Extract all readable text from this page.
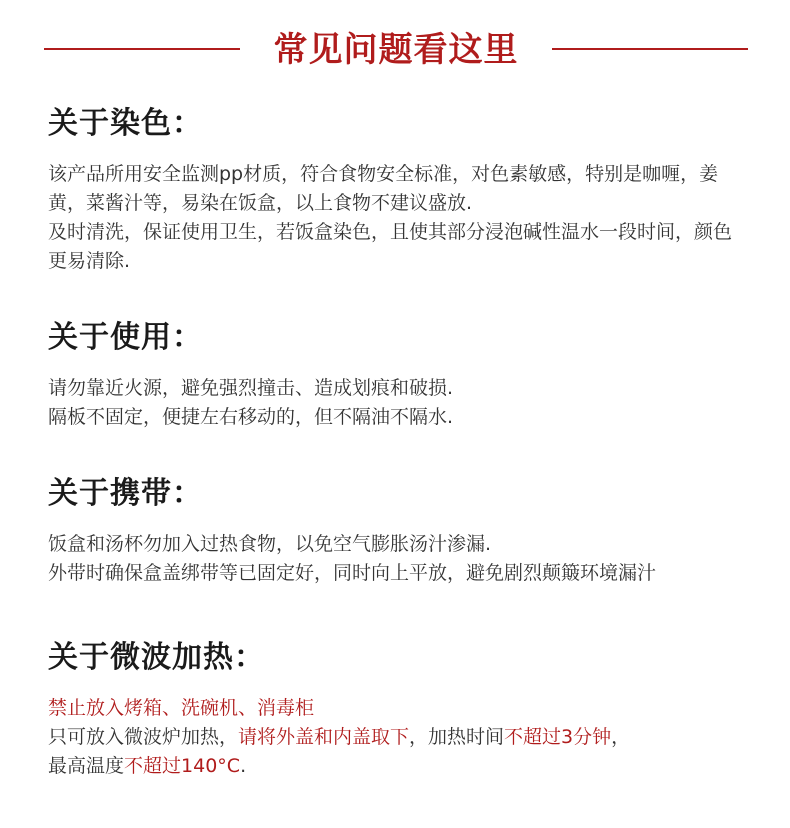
常见问题看这里
关于染色：

该产品所用安全监测pp材质，符合食物安全标准，对色素敏感，特别是咖喱，姜黄，菜酱汁等，易染在饭盒，以上食物不建议盛放.

及时清洗，保证使用卫生，若饭盒染色，且使其部分浸泡碱性温水一段时间，颜色更易清除.

关于使用：

请勿靠近火源，避免强烈撞击、造成划痕和破损.

隔板不固定，便捷左右移动的，但不隔油不隔水.

关于携带：

饭盒和汤杯勿加入过热食物，以免空气膨胀汤汁渗漏.

外带时确保盒盖绑带等已固定好，同时向上平放，避免剧烈颠簸环境漏汁

关于微波加热：

禁止放入烤箱、洗碗机、消毒柜

只可放入微波炉加热，请将外盖和内盖取下，加热时间不超过3分钟，

最高温度不超过140°C.
